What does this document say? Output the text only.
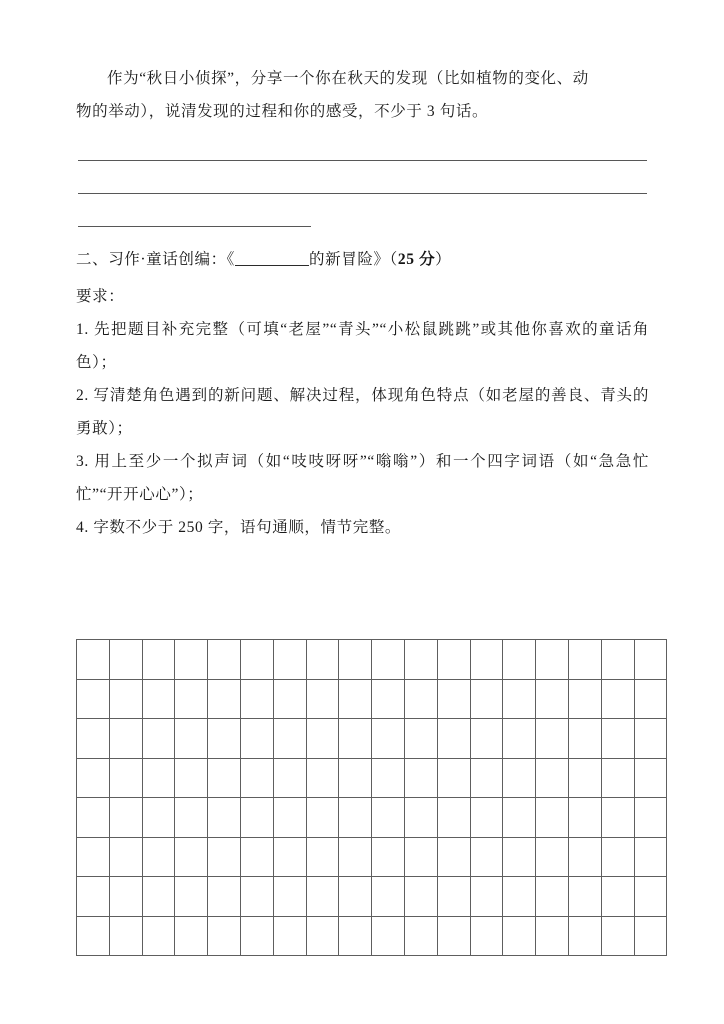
作为“秋日小侦探”，分享一个你在秋天的发现（比如植物的变化、动

物的举动），说清发现的过程和你的感受，不少于 3 句话。

二、习作·童话创编：《	的新冒险》（25 分）

要求：

1. 先把题目补充完整（可填“老屋”“青头”“小松鼠跳跳”或其他你喜欢的童话角色）；

2. 写清楚角色遇到的新问题、解决过程，体现角色特点（如老屋的善良、青头的勇敢）；

3. 用上至少一个拟声词（如“吱吱呀呀”“嗡嗡”）和一个四字词语（如“急急忙忙”“开开心心”）；

4. 字数不少于 250 字，语句通顺，情节完整。
